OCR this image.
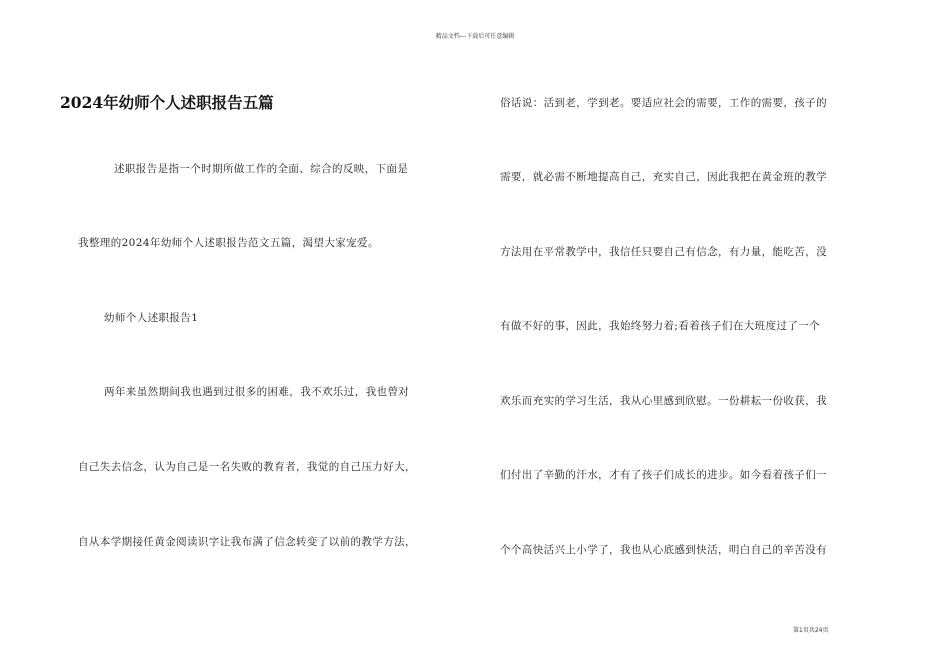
精品文档---下载后可任意编辑
2024年幼师个人述职报告五篇
述职报告是指一个时期所做工作的全面、综合的反映，下面是
我整理的2024年幼师个人述职报告范文五篇，渴望大家宠爱。
幼师个人述职报告1
两年来虽然期间我也遇到过很多的困难，我不欢乐过，我也曾对
自己失去信念，认为自己是一名失败的教育者，我觉的自己压力好大，
自从本学期接任黄金阅读识字让我布满了信念转变了以前的教学方法，
俗话说：活到老，学到老。要适应社会的需要，工作的需要，孩子的
需要，就必需不断地提高自己，充实自己，因此我把在黄金班的教学
方法用在平常教学中，我信任只要自己有信念，有力量，能吃苦，没
有做不好的事，因此，我始终努力着;看着孩子们在大班度过了一个
欢乐而充实的学习生活，我从心里感到欣慰。一份耕耘一份收获，我
们付出了辛勤的汗水，才有了孩子们成长的进步。如今看着孩子们一
个个高快活兴上小学了，我也从心底感到快活，明白自己的辛苦没有
第1页共24页
